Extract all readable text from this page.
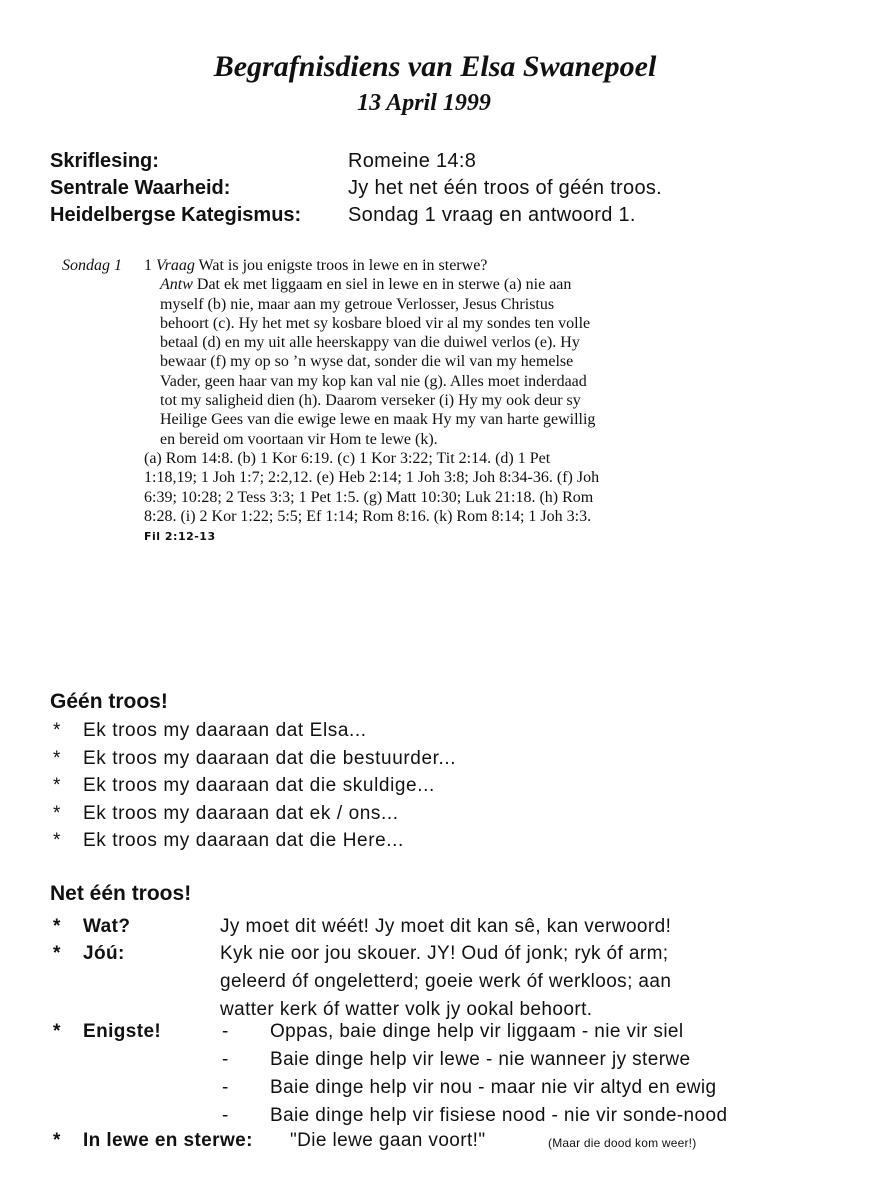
Begrafnisdiens van Elsa Swanepoel
13 April 1999
Skriflesing:	Romeine 14:8
Sentrale Waarheid:	Jy het net één troos of géén troos.
Heidelbergse Kategismus: Sondag 1 vraag en antwoord 1.
Sondag 1 1 Vraag Wat is jou enigste troos in lewe en in sterwe?

Antw Dat ek met liggaam en siel in lewe en in sterwe (a) nie aan myself (b) nie, maar aan my getroue Verlosser, Jesus Christus behoort (c). Hy het met sy kosbare bloed vir al my sondes ten volle betaal (d) en my uit alle heerskappy van die duiwel verlos (e). Hy bewaar (f) my op so ’n wyse dat, sonder die wil van my hemelse Vader, geen haar van my kop kan val nie (g). Alles moet inderdaad tot my saligheid dien (h). Daarom verseker (i) Hy my ook deur sy Heilige Gees van die ewige lewe en maak Hy my van harte gewillig en bereid om voortaan vir Hom te lewe (k).

(a) Rom 14:8. (b) 1 Kor 6:19. (c) 1 Kor 3:22; Tit 2:14. (d) 1 Pet 1:18,19; 1 Joh 1:7; 2:2,12. (e) Heb 2:14; 1 Joh 3:8; Joh 8:34-36. (f) Joh 6:39; 10:28; 2 Tess 3:3; 1 Pet 1:5. (g) Matt 10:30; Luk 21:18. (h) Rom 8:28. (i) 2 Kor 1:22; 5:5; Ef 1:14; Rom 8:16. (k) Rom 8:14; 1 Joh 3:3. Fil 2:12-13

Géén troos!
* Ek troos my daaraan dat Elsa...
* Ek troos my daaraan dat die bestuurder...
* Ek troos my daaraan dat die skuldige...
* Ek troos my daaraan dat ek / ons...
* Ek troos my daaraan dat die Here...
Net één troos!
* Wat?	Jy moet dit wéét! Jy moet dit kan sê, kan verwoord!
* Jóú:	Kyk nie oor jou skouer. JY! Oud óf jonk; ryk óf arm;
geleerd óf ongeletterd; goeie werk óf werkloos; aan
watter kerk óf watter volk jy ookal behoort.
* Enigste!	- Oppas, baie dinge help vir liggaam - nie vir siel
- Baie dinge help vir lewe - nie wanneer jy sterwe
- Baie dinge help vir nou - maar nie vir altyd en ewig
- Baie dinge help vir fisiese nood - nie vir sonde-nood
* In lewe en sterwe: "Die lewe gaan voort!"	(Maar die dood kom weer!)
